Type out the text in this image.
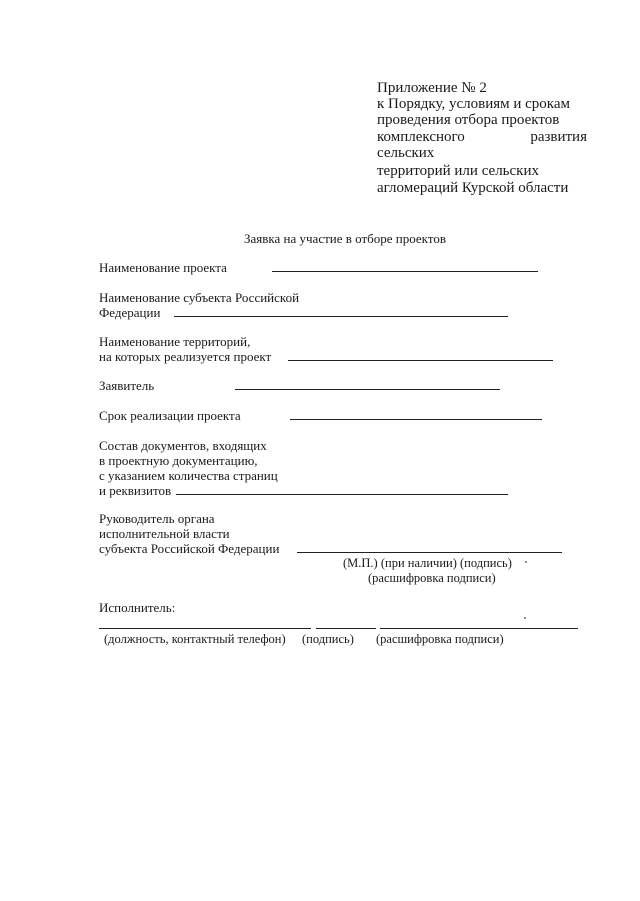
Приложение № 2
к Порядку, условиям и срокам
проведения отбора проектов
комплексного	развития
сельских
территорий или сельских
агломераций Курской области
Заявка на участие в отборе проектов
Наименование проекта
Наименование субъекта Российской
Федерации
Наименование территорий,
на которых реализуется проект
Заявитель
Срок реализации проекта
Состав документов, входящих
в проектную документацию,
с указанием количества страниц
и реквизитов
Руководитель органа
исполнительной власти
субъекта Российской Федерации
(М.П.) (при наличии) (подпись)
(расшифровка подписи)
Исполнитель:
(должность, контактный телефон) (подпись) (расшифровка подписи)
